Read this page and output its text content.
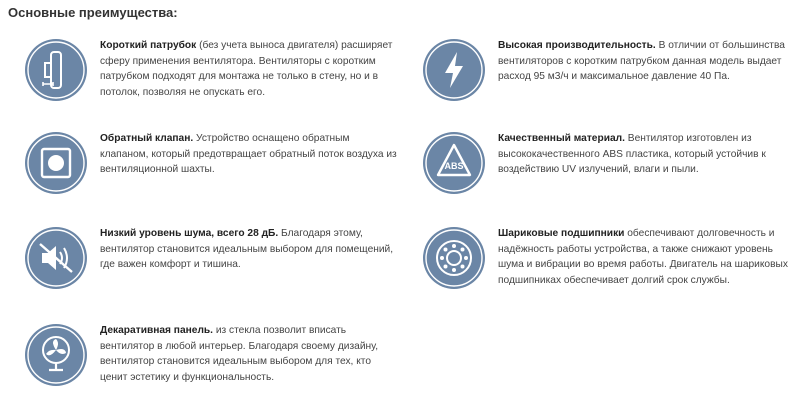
Основные преимущества:
Короткий патрубок (без учета выноса двигателя) расширяет сферу применения вентилятора. Вентиляторы с коротким патрубком подходят для монтажа не только в стену, но и в потолок, позволяя не опускать его.
Высокая производительность. В отличии от большинства вентиляторов с коротким патрубком данная модель выдает расход 95 м3/ч и максимальное давление 40 Па.
Обратный клапан. Устройство оснащено обратным клапаном, который предотвращает обратный поток воздуха из вентиляционной шахты.	ABS
Качественный материал. Вентилятор изготовлен из высококачественного ABS пластика, который устойчив к воздействию UV излучений, влаги и пыли.
Низкий уровень шума, всего 28 дБ. Благодаря этому, вентилятор становится идеальным выбором для помещений, где важен комфорт и тишина.
Шариковые подшипники обеспечивают долговечность и надёжность работы устройства, а также снижают уровень шума и вибрации во время работы. Двигатель на шариковых подшипниках обеспечивает долгий срок службы.
Декаративная панель. из стекла позволит вписать вентилятор в любой интерьер. Благодаря своему дизайну, вентилятор становится идеальным выбором для тех, кто ценит эстетику и функциональность.
